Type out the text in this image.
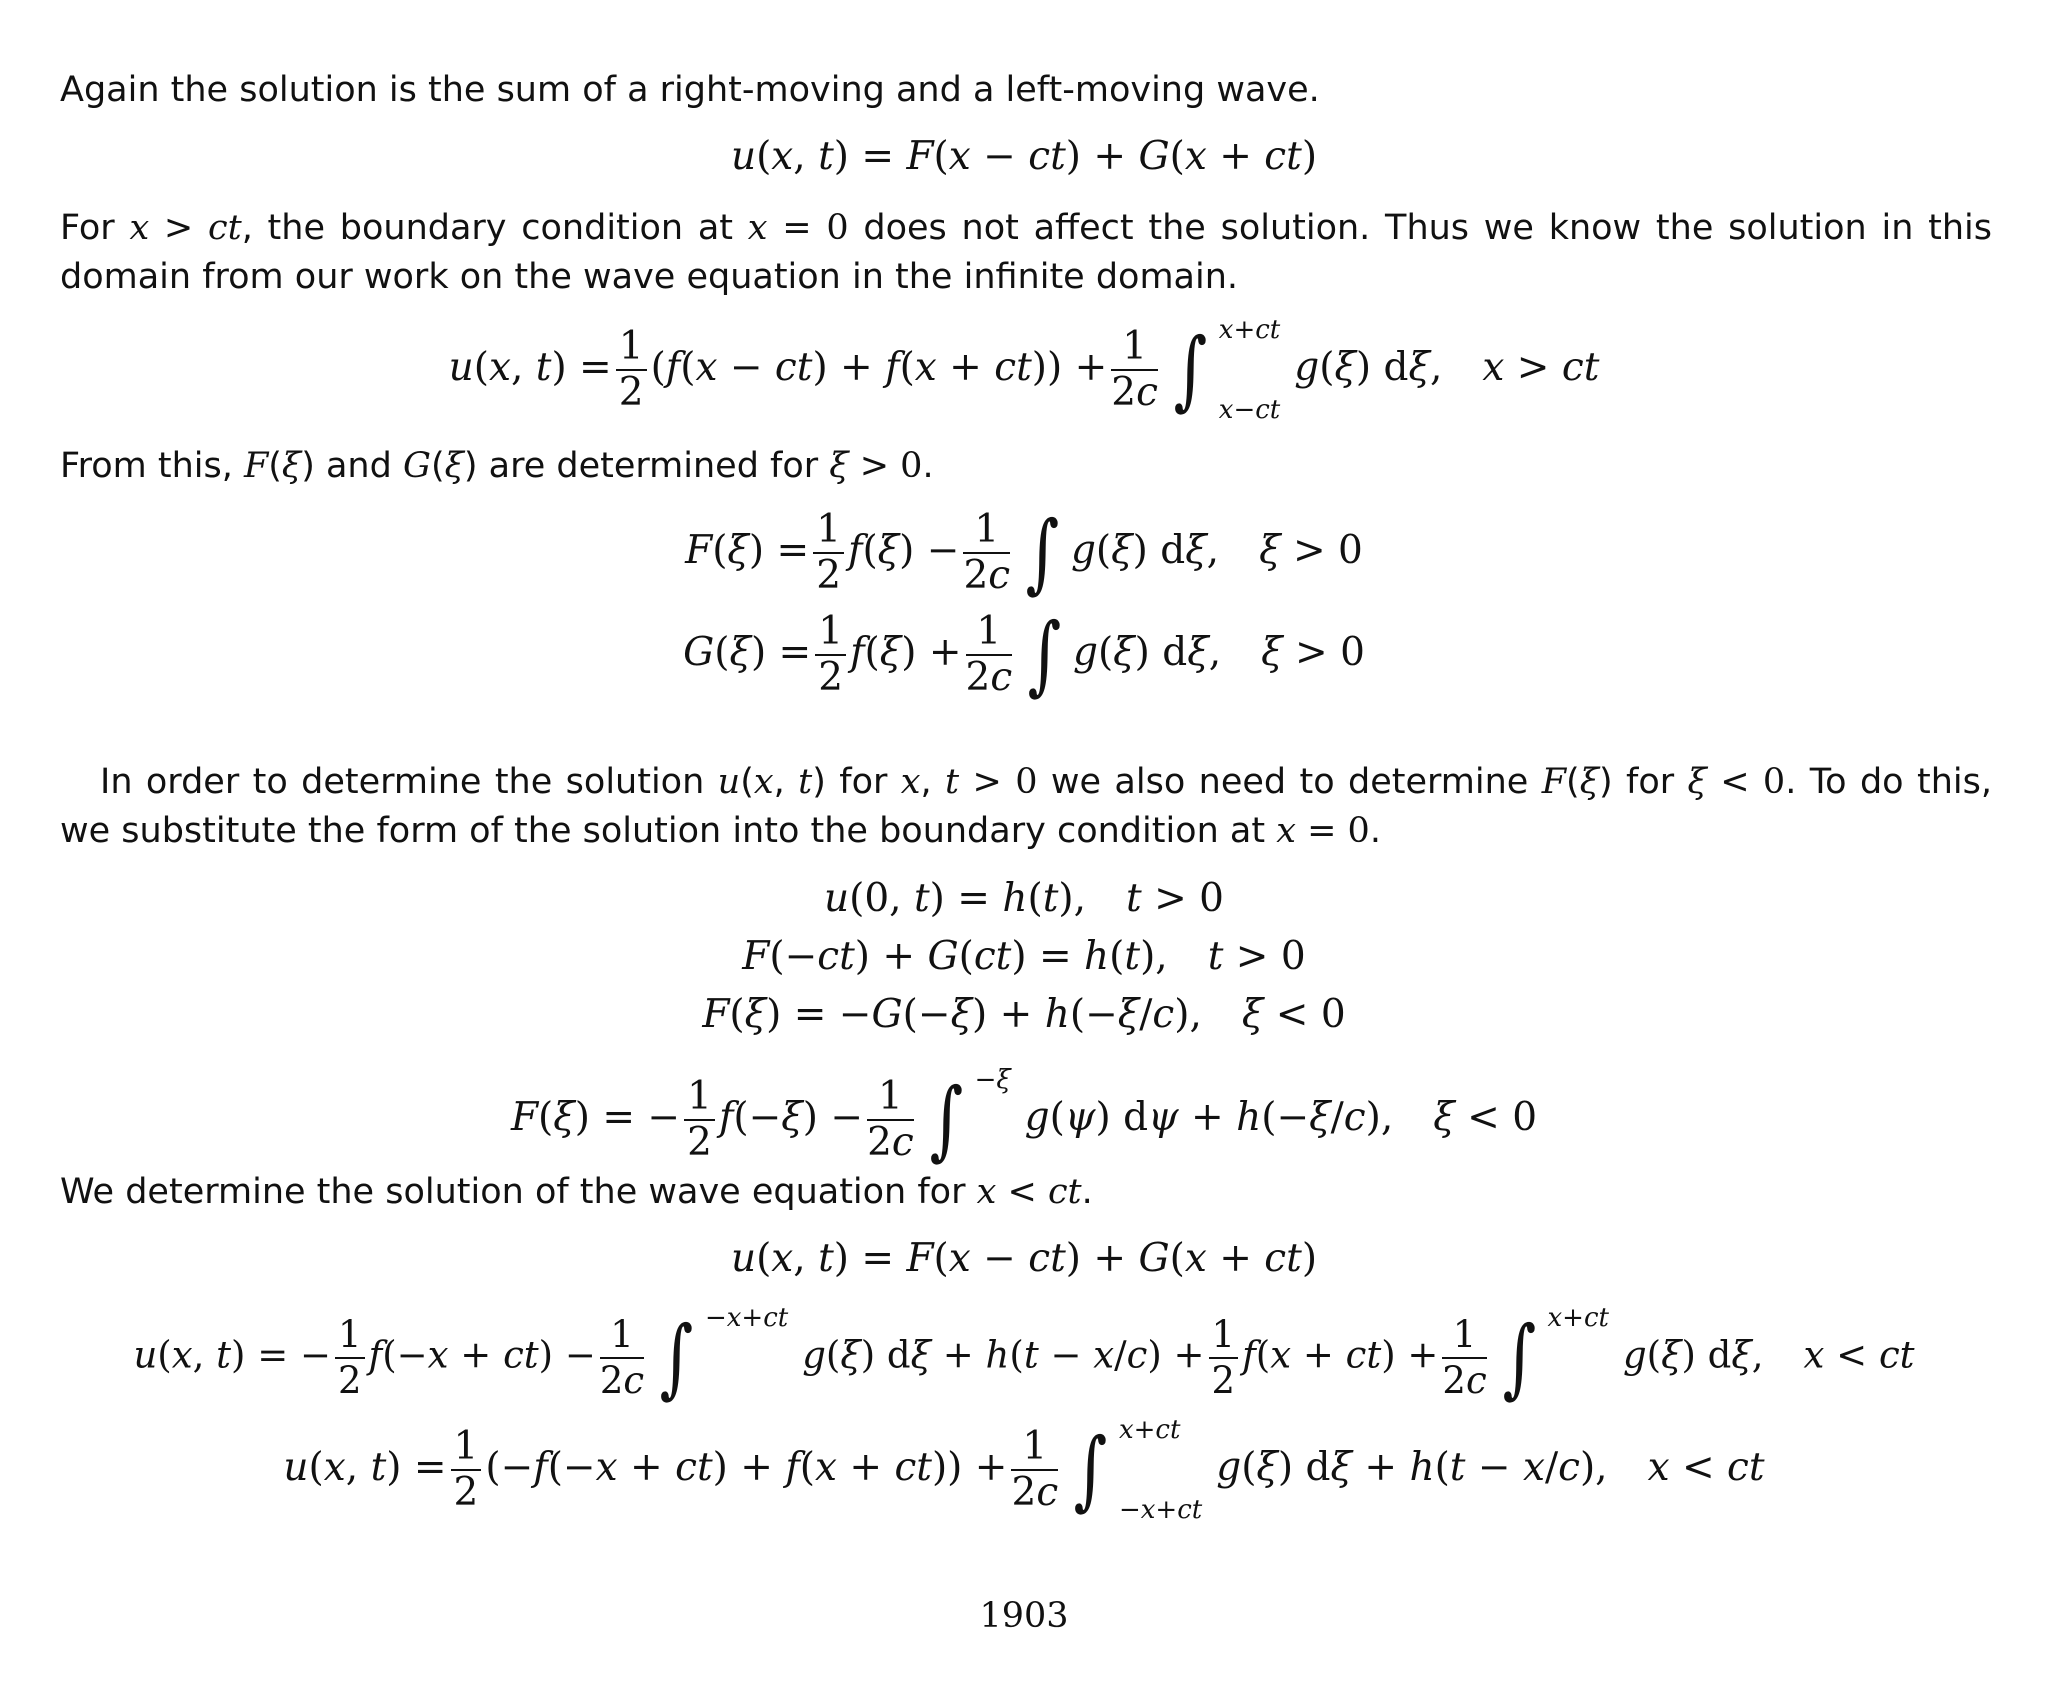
Again the solution is the sum of a right-moving and a left-moving wave.
u(x, t) = F(x − ct) + G(x + ct)
For x > ct, the boundary condition at x = 0 does not affect the solution. Thus we know the solution in this domain from our work on the wave equation in the infinite domain.
u(x, $t) = \frac{1}{2} (f(x - ct) + f(x + ct)) + \frac{1}{2c}$ ∫ x+ct
x−ct
g(ξ) dξ, x > ct
From this, F(ξ) and G(ξ) are determined for ξ > 0.
$F(\xi) = \frac{1}{2} f(\xi) - \frac{1}{2c}$ ∫ g(ξ) dξ, ξ > 0
$G(\xi) = \frac{1}{2} f(\xi) + \frac{1}{2c}$ ∫ g(ξ) dξ, ξ > 0
In order to determine the solution u(x, t) for x, t > 0 we also need to determine F(ξ) for ξ < 0. To do this, we substitute the form of the solution into the boundary condition at x = 0.
u(0, t) = h(t), t > 0
F(−ct) + G(ct) = h(t), t > 0
F(ξ) = −G(−ξ) + h(−ξ/c), ξ < 0
F(ξ) = − $\frac{1}{2} f(-\xi) - \frac{1}{2c}$ ∫ −ξ

g(ψ) dψ + h(−ξ/c), ξ < 0
We determine the solution of the wave equation for x < ct.
u(x, t) = F(x − ct) + G(x + ct)
u(x, t) = − $\frac{1}{2} f(-x + ct) - \frac{1}{2c}$ ∫ −x+ct

g(ξ) $d\xi + h(t - x/c) + \frac{1}{2} f(x + ct) + \frac{1}{2c}$ ∫ x+ct

g(ξ) dξ, x < ct
u(x, $t) = \frac{1}{2} (-f(-x + ct) + f(x + ct)) + \frac{1}{2c}$ ∫ x+ct
−x+ct
g(ξ) dξ + h(t − x/c), x < ct
1903
